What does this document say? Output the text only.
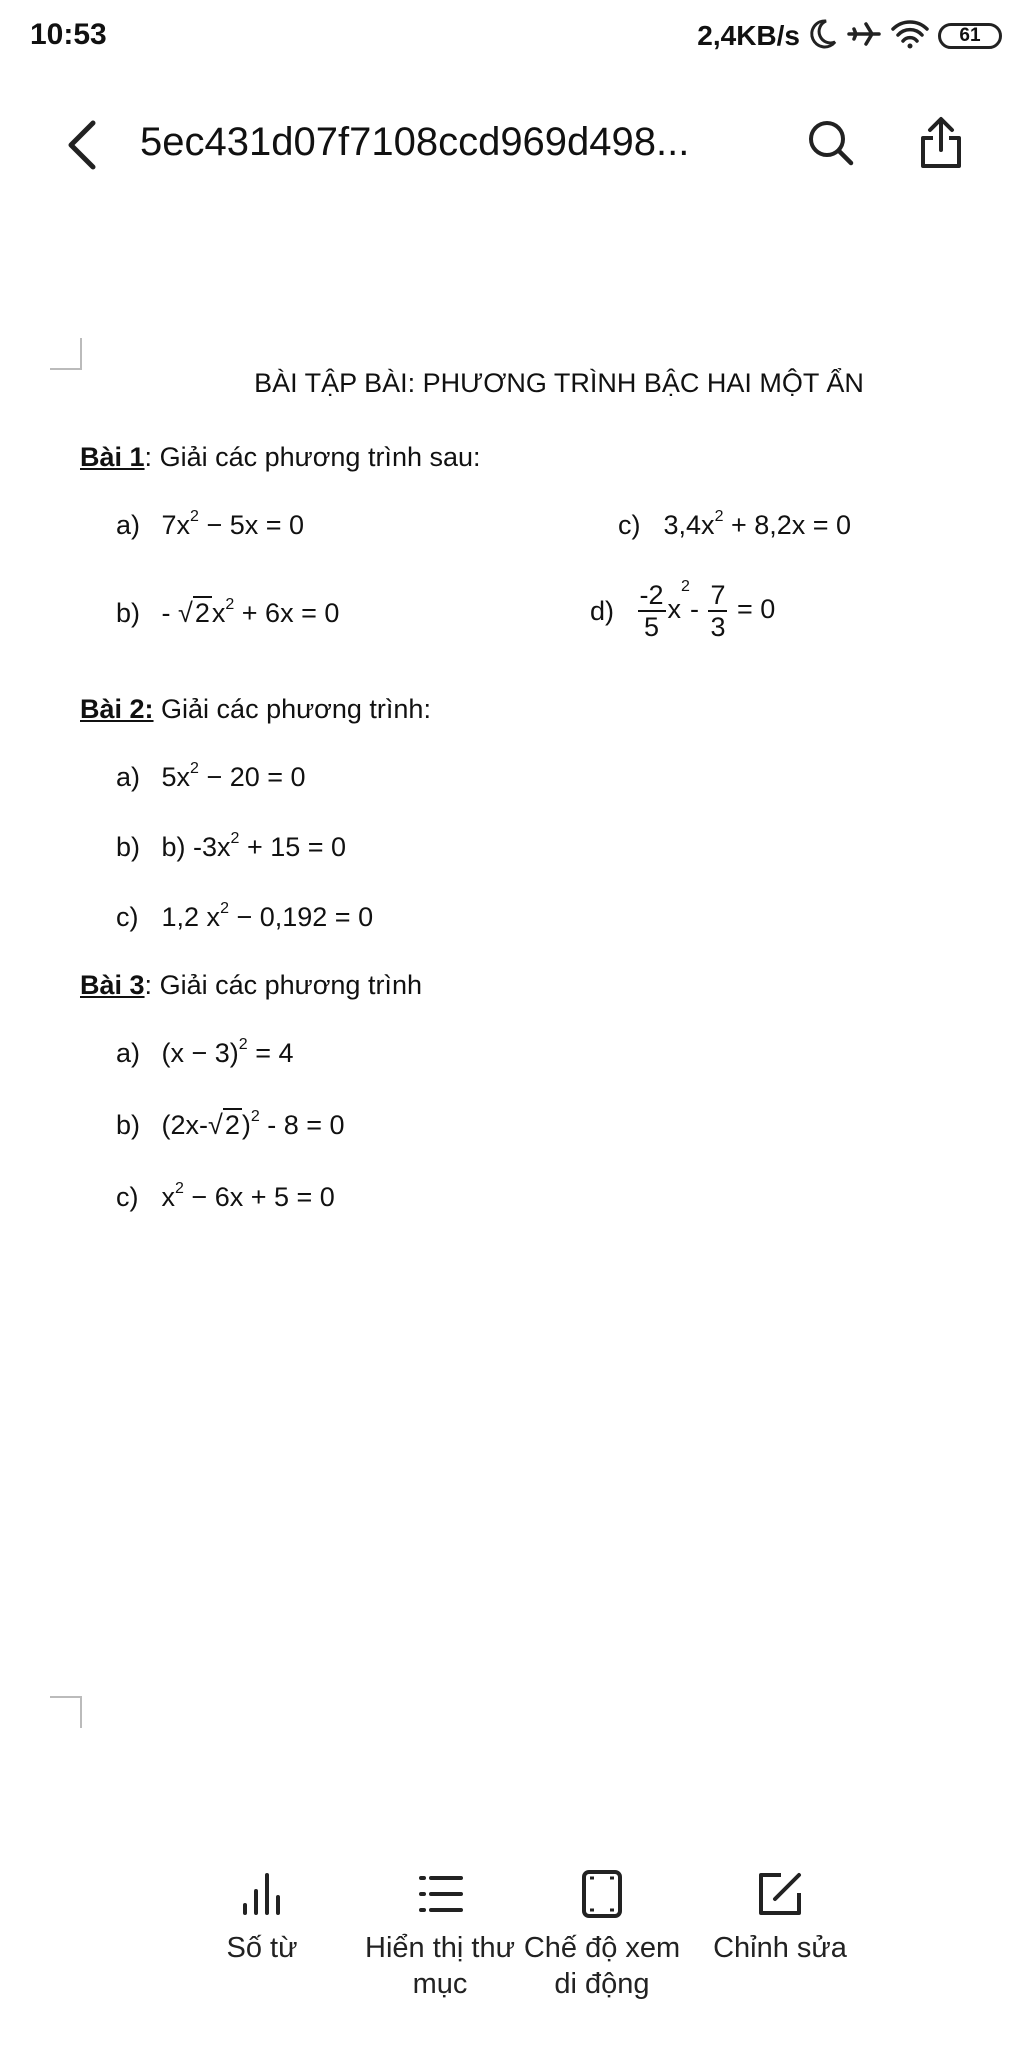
10:53	2,4KB/s	61
5ec431d07f7108ccd969d498...
BÀI TẬP BÀI: PHƯƠNG TRÌNH BẬC HAI MỘT ẨN
Bài 1: Giải các phương trình sau:
a) $7x^2 - 5x = 0$	c) $3,4x^2 + 8,2x = 0$
$b) - √2x^2 + 6x = 0$	$d) \frac{-2}{5} x^2- \frac{7}{3} = 0$
Bài 2: Giải các phương trình:
a) $5x^2 - 20 = 0$
b) b) $-3x^2 + 15 = 0$
c) 1,2 $x^2 - 0,192 = 0$
Bài 3: Giải các phương trình
a) $(x - 3)^2 = 4$
b) $(2x-√2)^2 - 8 = 0$
c) $x^2 - 6x + 5 = 0$
Số từ	Hiển thị thư
mục
Chế độ xem
di động
Chỉnh sửa
